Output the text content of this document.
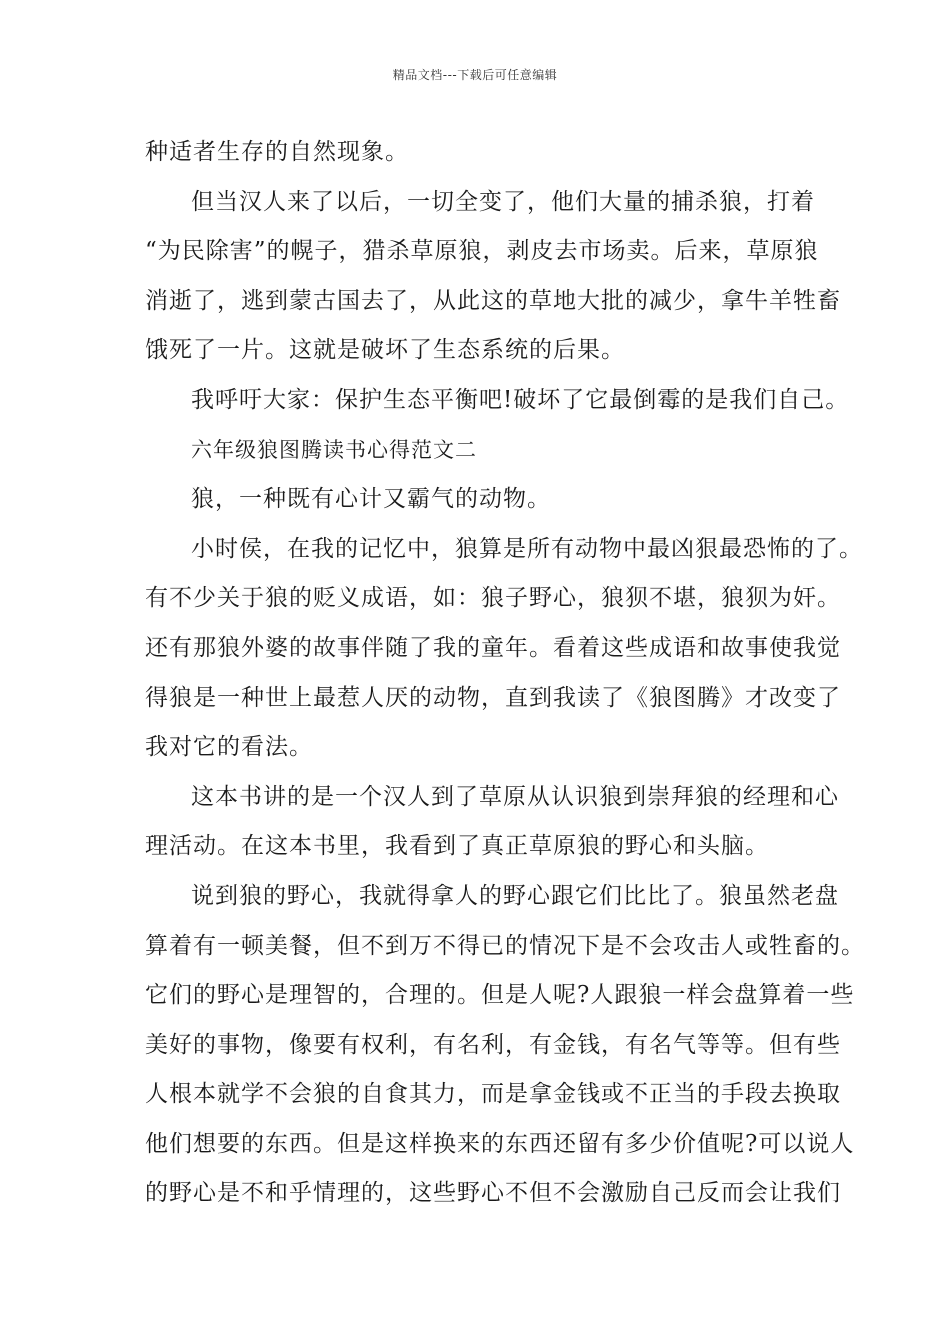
精品文档---下载后可任意编辑
种适者生存的自然现象。
但当汉人来了以后，一切全变了，他们大量的捕杀狼，打着
“为民除害”的幌子，猎杀草原狼，剥皮去市场卖。后来，草原狼
消逝了，逃到蒙古国去了，从此这的草地大批的减少，拿牛羊牲畜
饿死了一片。这就是破坏了生态系统的后果。
我呼吁大家：保护生态平衡吧!破坏了它最倒霉的是我们自己。
六年级狼图腾读书心得范文二
狼，一种既有心计又霸气的动物。
小时侯，在我的记忆中，狼算是所有动物中最凶狠最恐怖的了。
有不少关于狼的贬义成语，如：狼子野心，狼狈不堪，狼狈为奸。
还有那狼外婆的故事伴随了我的童年。看着这些成语和故事使我觉
得狼是一种世上最惹人厌的动物，直到我读了《狼图腾》才改变了
我对它的看法。
这本书讲的是一个汉人到了草原从认识狼到崇拜狼的经理和心
理活动。在这本书里，我看到了真正草原狼的野心和头脑。
说到狼的野心，我就得拿人的野心跟它们比比了。狼虽然老盘
算着有一顿美餐，但不到万不得已的情况下是不会攻击人或牲畜的。
它们的野心是理智的，合理的。但是人呢?人跟狼一样会盘算着一些
美好的事物，像要有权利，有名利，有金钱，有名气等等。但有些
人根本就学不会狼的自食其力，而是拿金钱或不正当的手段去换取
他们想要的东西。但是这样换来的东西还留有多少价值呢?可以说人
的野心是不和乎情理的，这些野心不但不会激励自己反而会让我们
